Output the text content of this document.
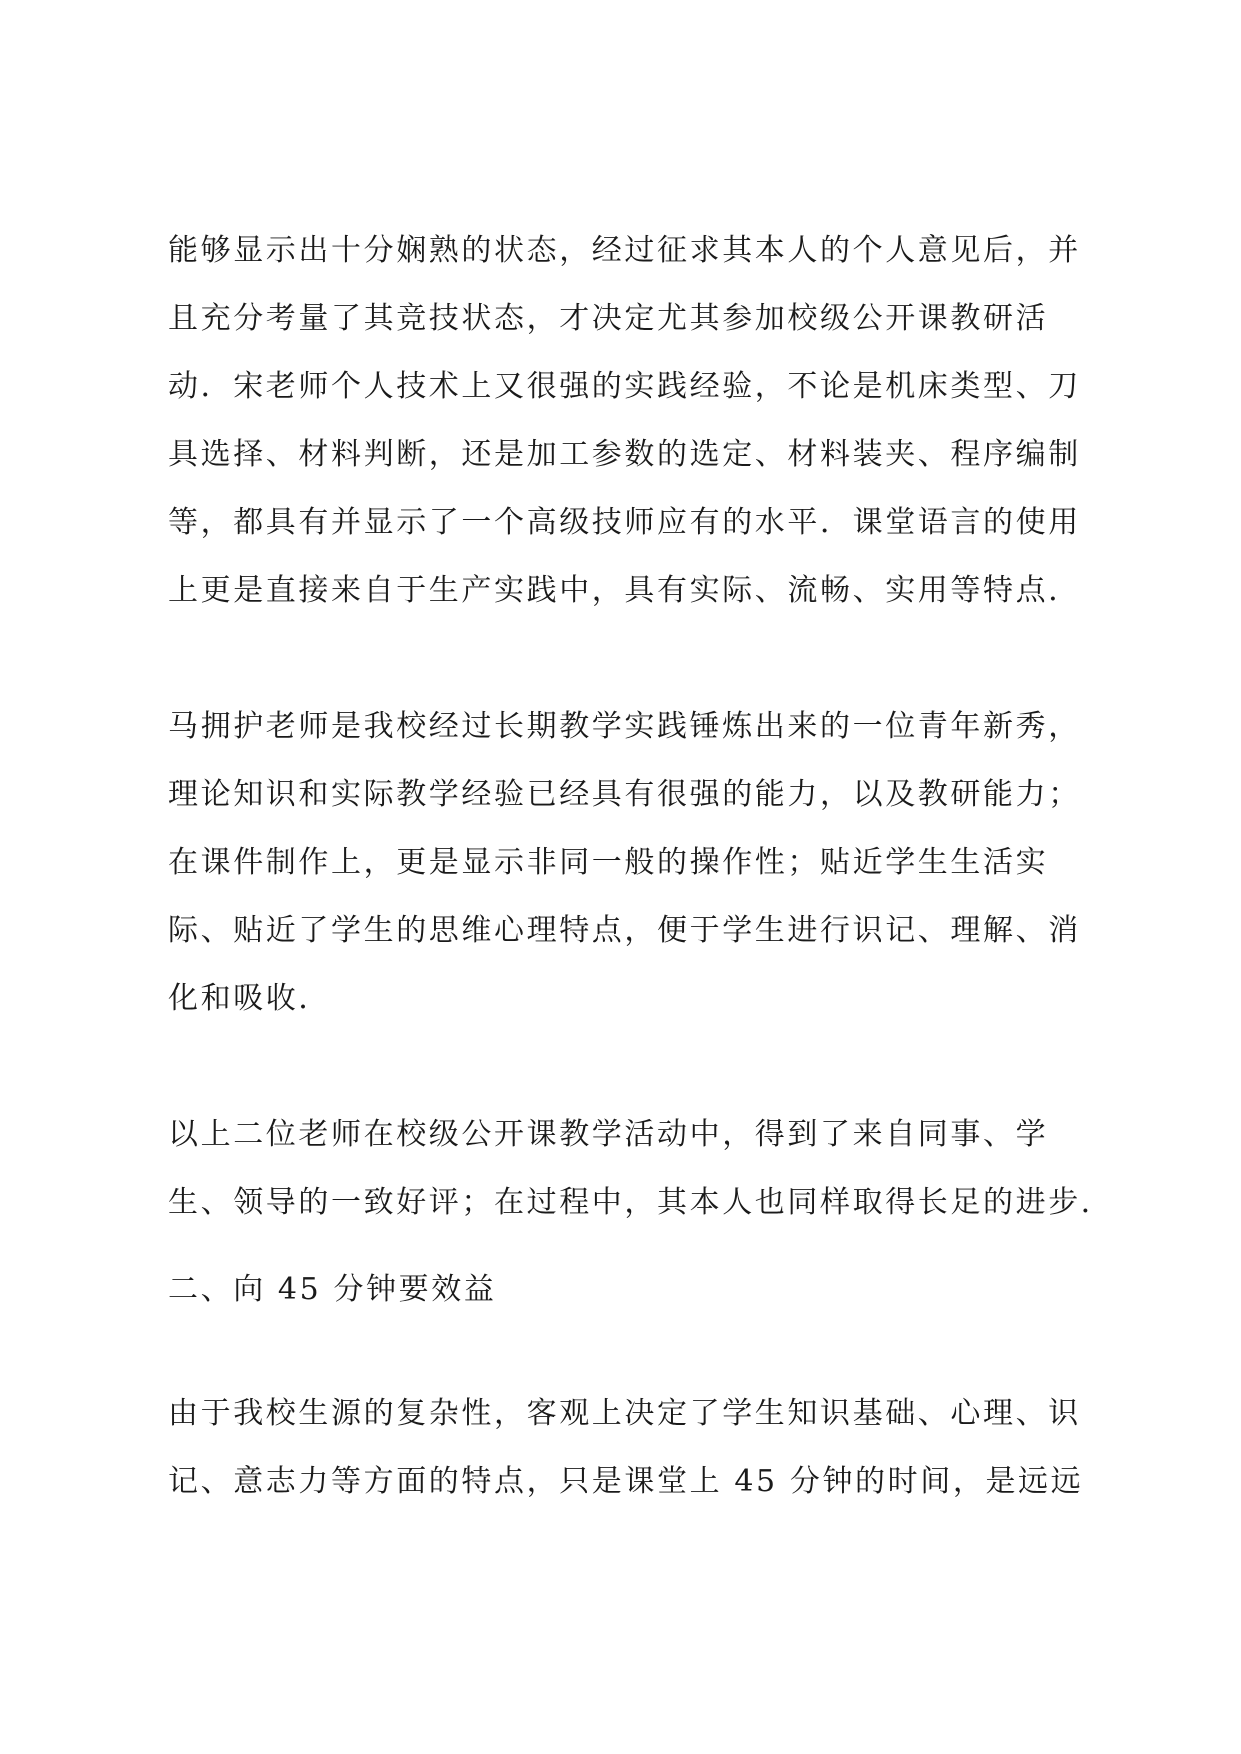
能够显示出十分娴熟的状态，经过征求其本人的个人意见后，并
且充分考量了其竞技状态，才决定尤其参加校级公开课教研活
动．宋老师个人技术上又很强的实践经验，不论是机床类型、刀
具选择、材料判断，还是加工参数的选定、材料装夹、程序编制
等，都具有并显示了一个高级技师应有的水平．课堂语言的使用
上更是直接来自于生产实践中，具有实际、流畅、实用等特点．
马拥护老师是我校经过长期教学实践锤炼出来的一位青年新秀，
理论知识和实际教学经验已经具有很强的能力，以及教研能力；
在课件制作上，更是显示非同一般的操作性；贴近学生生活实
际、贴近了学生的思维心理特点，便于学生进行识记、理解、消
化和吸收．
以上二位老师在校级公开课教学活动中，得到了来自同事、学
生、领导的一致好评；在过程中，其本人也同样取得长足的进步．
二、向 45 分钟要效益
由于我校生源的复杂性，客观上决定了学生知识基础、心理、识
记、意志力等方面的特点，只是课堂上 45 分钟的时间，是远远
